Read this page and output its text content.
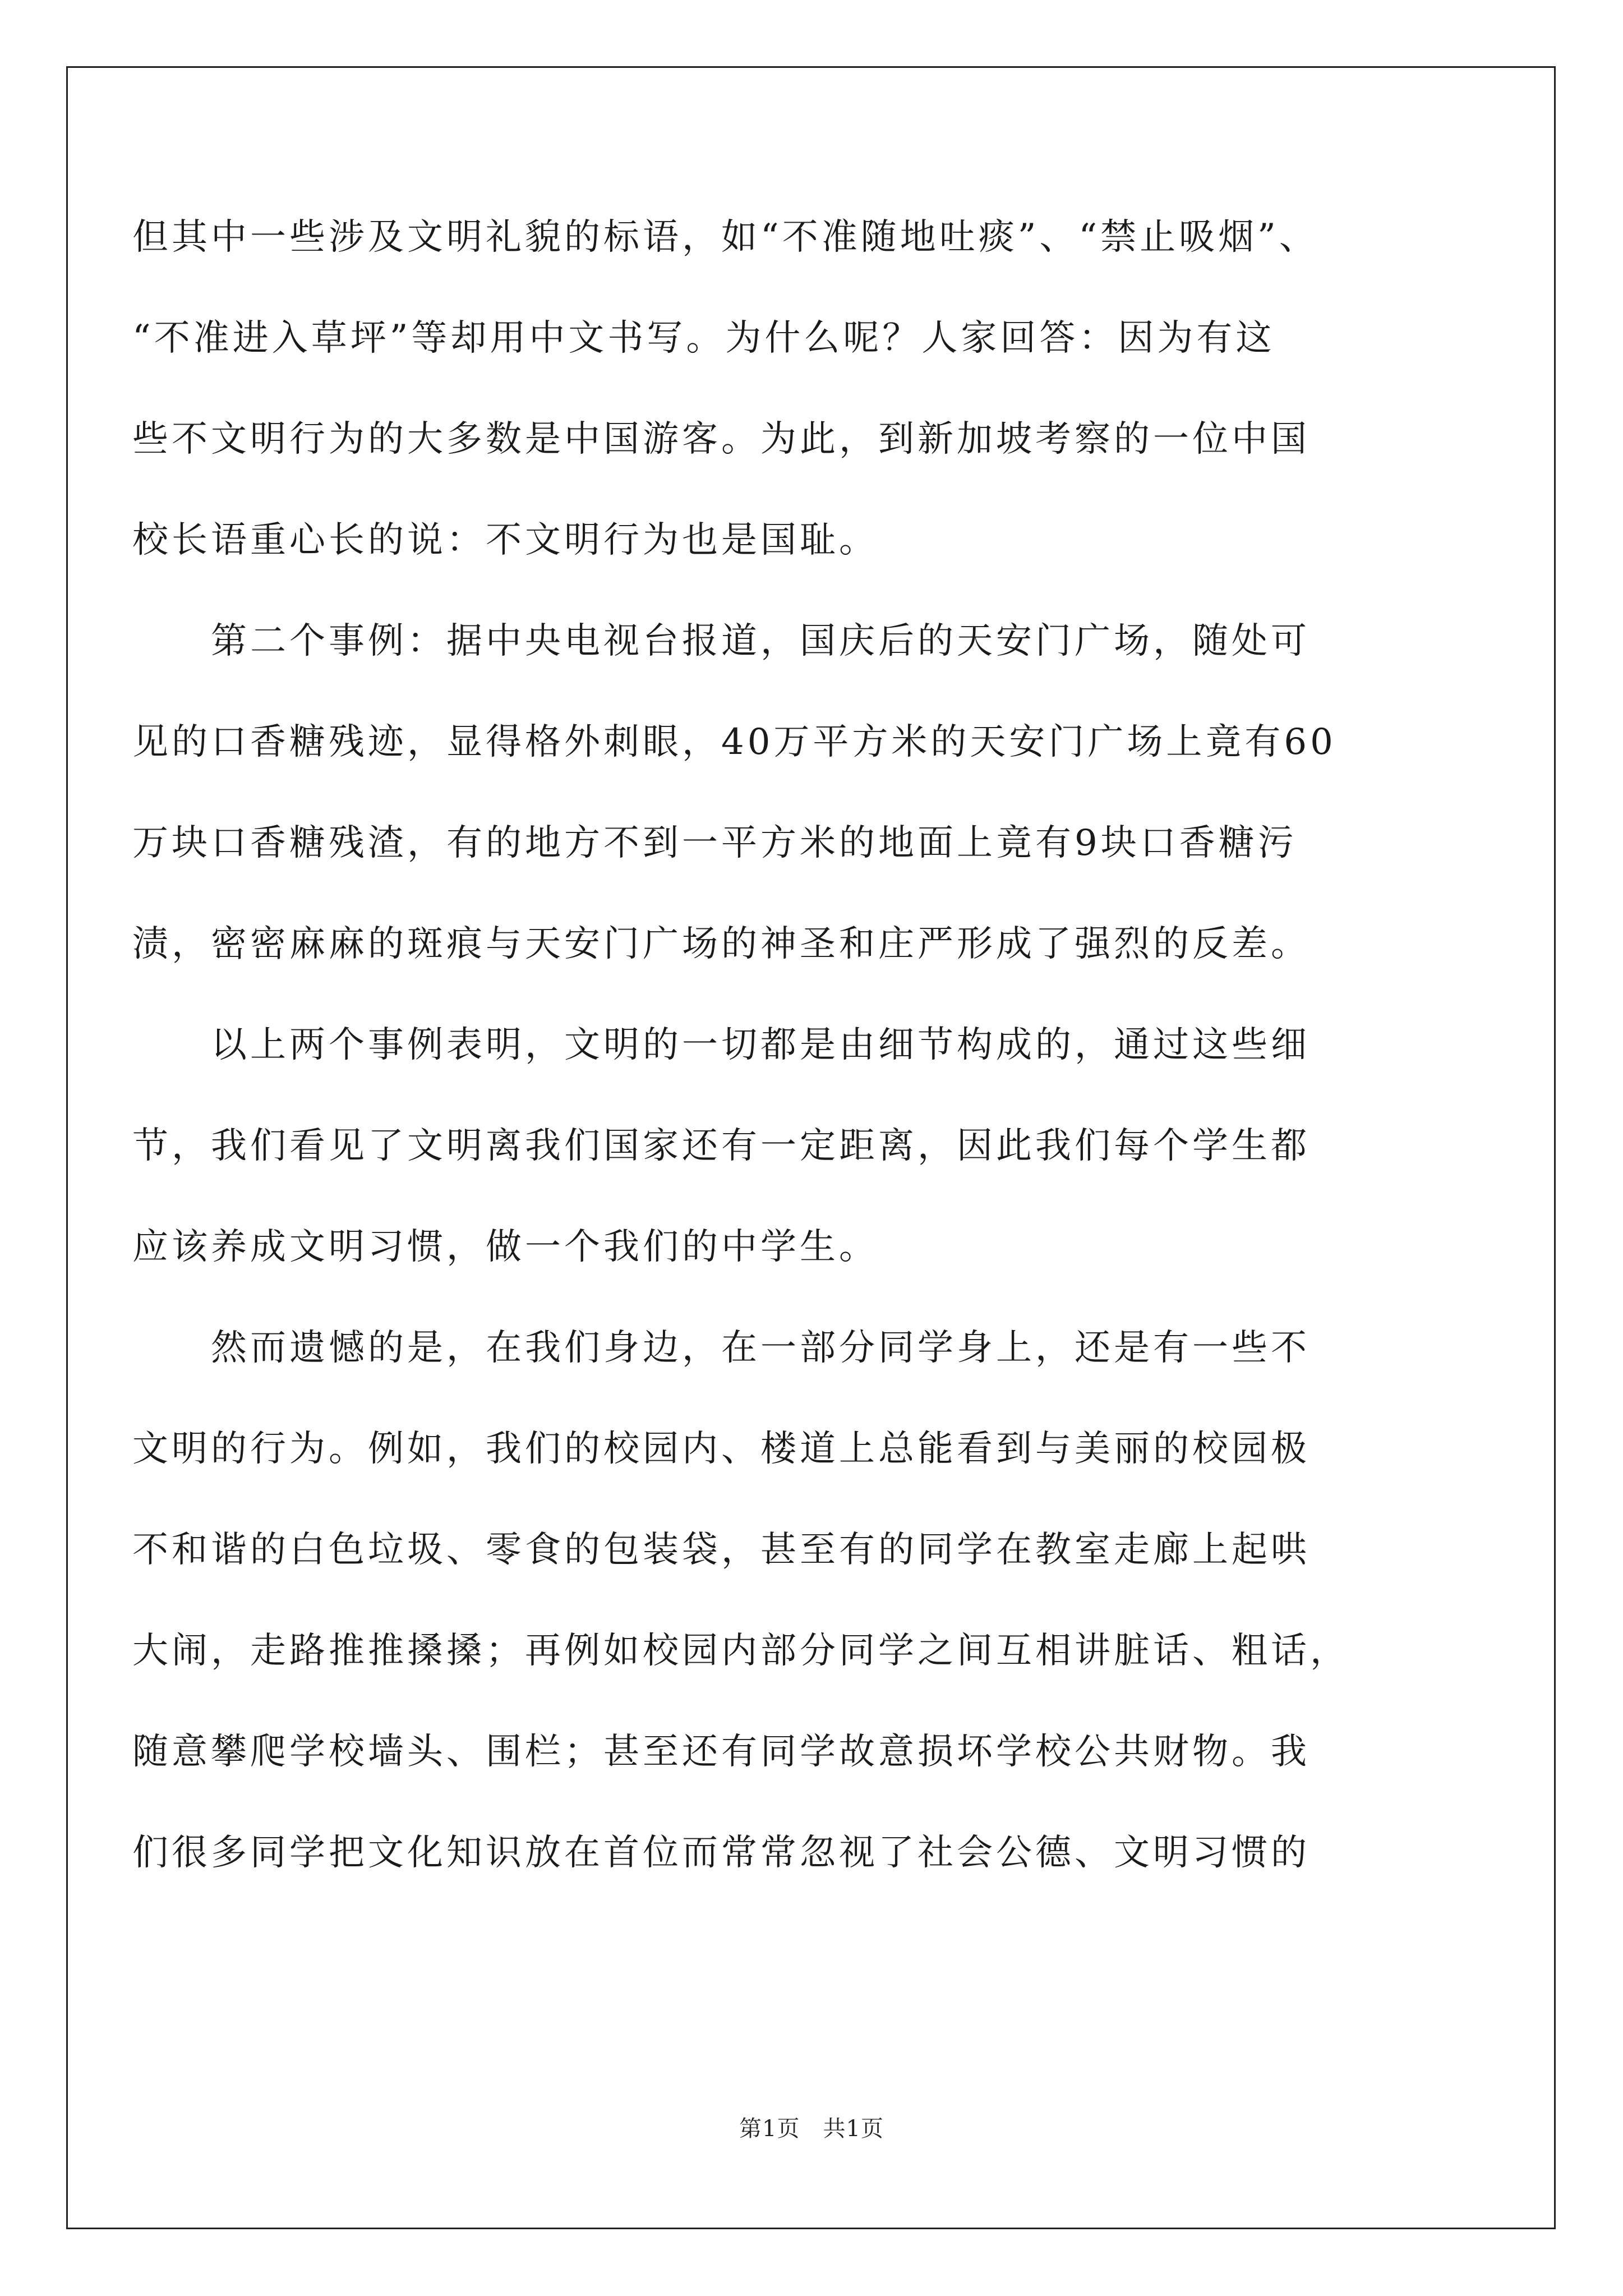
但其中一些涉及文明礼貌的标语，如“不准随地吐痰”、“禁止吸烟”、
“不准进入草坪”等却用中文书写。为什么呢？人家回答：因为有这
些不文明行为的大多数是中国游客。为此，到新加坡考察的一位中国
校长语重心长的说：不文明行为也是国耻。
　　第二个事例：据中央电视台报道，国庆后的天安门广场，随处可
见的口香糖残迹，显得格外刺眼，40万平方米的天安门广场上竟有60
万块口香糖残渣，有的地方不到一平方米的地面上竟有9块口香糖污
渍，密密麻麻的斑痕与天安门广场的神圣和庄严形成了强烈的反差。
　　以上两个事例表明，文明的一切都是由细节构成的，通过这些细
节，我们看见了文明离我们国家还有一定距离，因此我们每个学生都
应该养成文明习惯，做一个我们的中学生。
　　然而遗憾的是，在我们身边，在一部分同学身上，还是有一些不
文明的行为。例如，我们的校园内、楼道上总能看到与美丽的校园极
不和谐的白色垃圾、零食的包装袋，甚至有的同学在教室走廊上起哄
大闹，走路推推搡搡；再例如校园内部分同学之间互相讲脏话、粗话，
随意攀爬学校墙头、围栏；甚至还有同学故意损坏学校公共财物。我
们很多同学把文化知识放在首位而常常忽视了社会公德、文明习惯的
第1页　共1页
